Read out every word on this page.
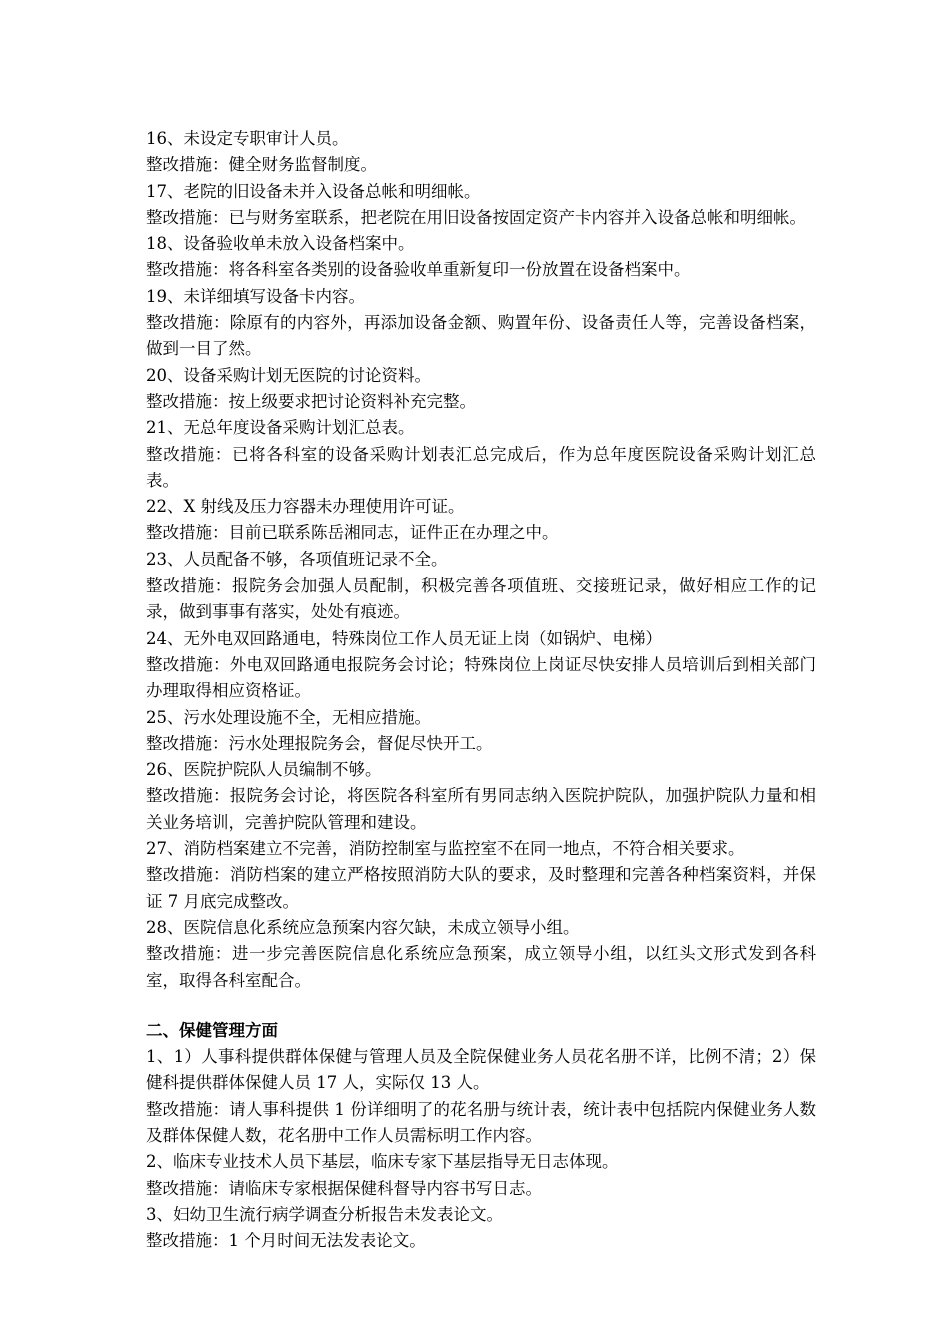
16、未设定专职审计人员。

整改措施：健全财务监督制度。

17、老院的旧设备未并入设备总帐和明细帐。

整改措施：已与财务室联系，把老院在用旧设备按固定资产卡内容并入设备总帐和明细帐。

18、设备验收单未放入设备档案中。

整改措施：将各科室各类别的设备验收单重新复印一份放置在设备档案中。

19、未详细填写设备卡内容。

整改措施：除原有的内容外，再添加设备金额、购置年份、设备责任人等，完善设备档案，做到一目了然。

20、设备采购计划无医院的讨论资料。

整改措施：按上级要求把讨论资料补充完整。

21、无总年度设备采购计划汇总表。

整改措施：已将各科室的设备采购计划表汇总完成后，作为总年度医院设备采购计划汇总表。

22、X 射线及压力容器未办理使用许可证。

整改措施：目前已联系陈岳湘同志，证件正在办理之中。

23、人员配备不够，各项值班记录不全。

整改措施：报院务会加强人员配制，积极完善各项值班、交接班记录，做好相应工作的记录，做到事事有落实，处处有痕迹。

24、无外电双回路通电，特殊岗位工作人员无证上岗（如锅炉、电梯）

整改措施：外电双回路通电报院务会讨论；特殊岗位上岗证尽快安排人员培训后到相关部门办理取得相应资格证。

25、污水处理设施不全，无相应措施。

整改措施：污水处理报院务会，督促尽快开工。

26、医院护院队人员编制不够。

整改措施：报院务会讨论，将医院各科室所有男同志纳入医院护院队，加强护院队力量和相关业务培训，完善护院队管理和建设。

27、消防档案建立不完善，消防控制室与监控室不在同一地点，不符合相关要求。

整改措施：消防档案的建立严格按照消防大队的要求，及时整理和完善各种档案资料，并保证 7 月底完成整改。

28、医院信息化系统应急预案内容欠缺，未成立领导小组。

整改措施：进一步完善医院信息化系统应急预案，成立领导小组，以红头文形式发到各科室，取得各科室配合。

二、保健管理方面

1、1）人事科提供群体保健与管理人员及全院保健业务人员花名册不详，比例不清；2）保健科提供群体保健人员 17 人，实际仅 13 人。

整改措施：请人事科提供 1 份详细明了的花名册与统计表，统计表中包括院内保健业务人数及群体保健人数，花名册中工作人员需标明工作内容。

2、临床专业技术人员下基层，临床专家下基层指导无日志体现。

整改措施：请临床专家根据保健科督导内容书写日志。

3、妇幼卫生流行病学调查分析报告未发表论文。

整改措施：1 个月时间无法发表论文。
